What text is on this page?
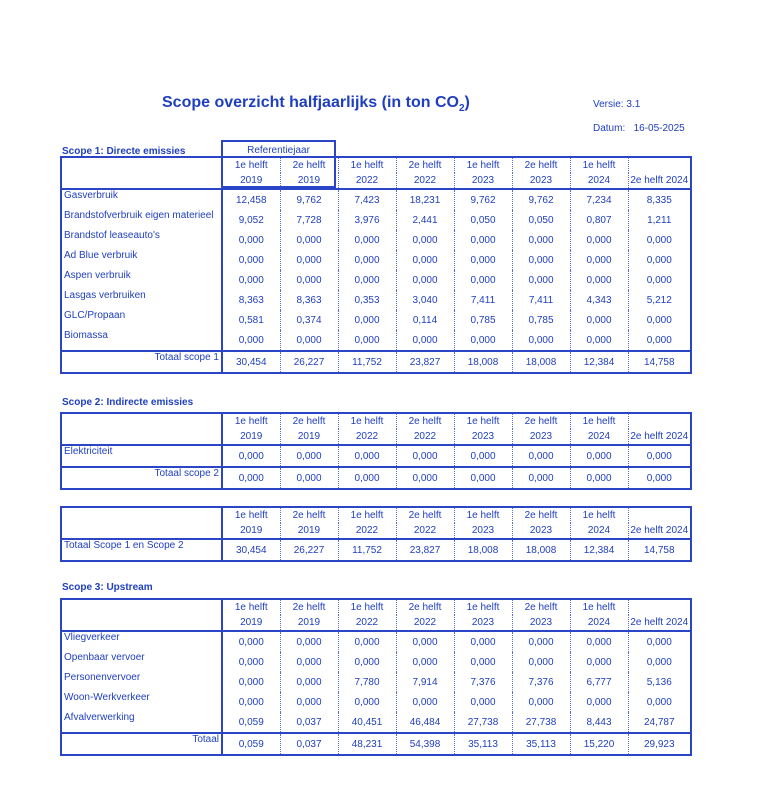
Scope overzicht halfjaarlijks (in ton $CO_2$)	Versie: 3.1
Datum: 16-05-2025
Scope 1: Directe emissies
Scope 2: Indirecte emissies
Scope 3: Upstream
	1e helft	2e helft	1e helft	2e helft	1e helft	2e helft	1e helft	
	2019	2019	2022	2022	2023	2023	2024	2e helft 2024
Gasverbruik	12,458	9,762	7,423	18,231	9,762	9,762	7,234	8,335
Brandstofverbruik eigen materieel	9,052	7,728	3,976	2,441	0,050	0,050	0,807	1,211
Brandstof leaseauto's	0,000	0,000	0,000	0,000	0,000	0,000	0,000	0,000
Ad Blue verbruik	0,000	0,000	0,000	0,000	0,000	0,000	0,000	0,000
Aspen verbruik	0,000	0,000	0,000	0,000	0,000	0,000	0,000	0,000
Lasgas verbruiken	8,363	8,363	0,353	3,040	7,411	7,411	4,343	5,212
GLC/Propaan	0,581	0,374	0,000	0,114	0,785	0,785	0,000	0,000
Biomassa	0,000	0,000	0,000	0,000	0,000	0,000	0,000	0,000
Totaal scope 1	30,454	26,227	11,752	23,827	18,008	18,008	12,384	14,758
	1e helft	2e helft	1e helft	2e helft	1e helft	2e helft	1e helft	
	2019	2019	2022	2022	2023	2023	2024	2e helft 2024
Elektriciteit	0,000	0,000	0,000	0,000	0,000	0,000	0,000	0,000
Totaal scope 2	0,000	0,000	0,000	0,000	0,000	0,000	0,000	0,000
	1e helft	2e helft	1e helft	2e helft	1e helft	2e helft	1e helft	
	2019	2019	2022	2022	2023	2023	2024	2e helft 2024
Totaal Scope 1 en Scope 2	30,454	26,227	11,752	23,827	18,008	18,008	12,384	14,758
	1e helft	2e helft	1e helft	2e helft	1e helft	2e helft	1e helft	
	2019	2019	2022	2022	2023	2023	2024	2e helft 2024
Vliegverkeer	0,000	0,000	0,000	0,000	0,000	0,000	0,000	0,000
Openbaar vervoer	0,000	0,000	0,000	0,000	0,000	0,000	0,000	0,000
Personenvervoer	0,000	0,000	7,780	7,914	7,376	7,376	6,777	5,136
Woon-Werkverkeer	0,000	0,000	0,000	0,000	0,000	0,000	0,000	0,000
Afvalverwerking	0,059	0,037	40,451	46,484	27,738	27,738	8,443	24,787
Totaal	0,059	0,037	48,231	54,398	35,113	35,113	15,220	29,923
Referentiejaar
